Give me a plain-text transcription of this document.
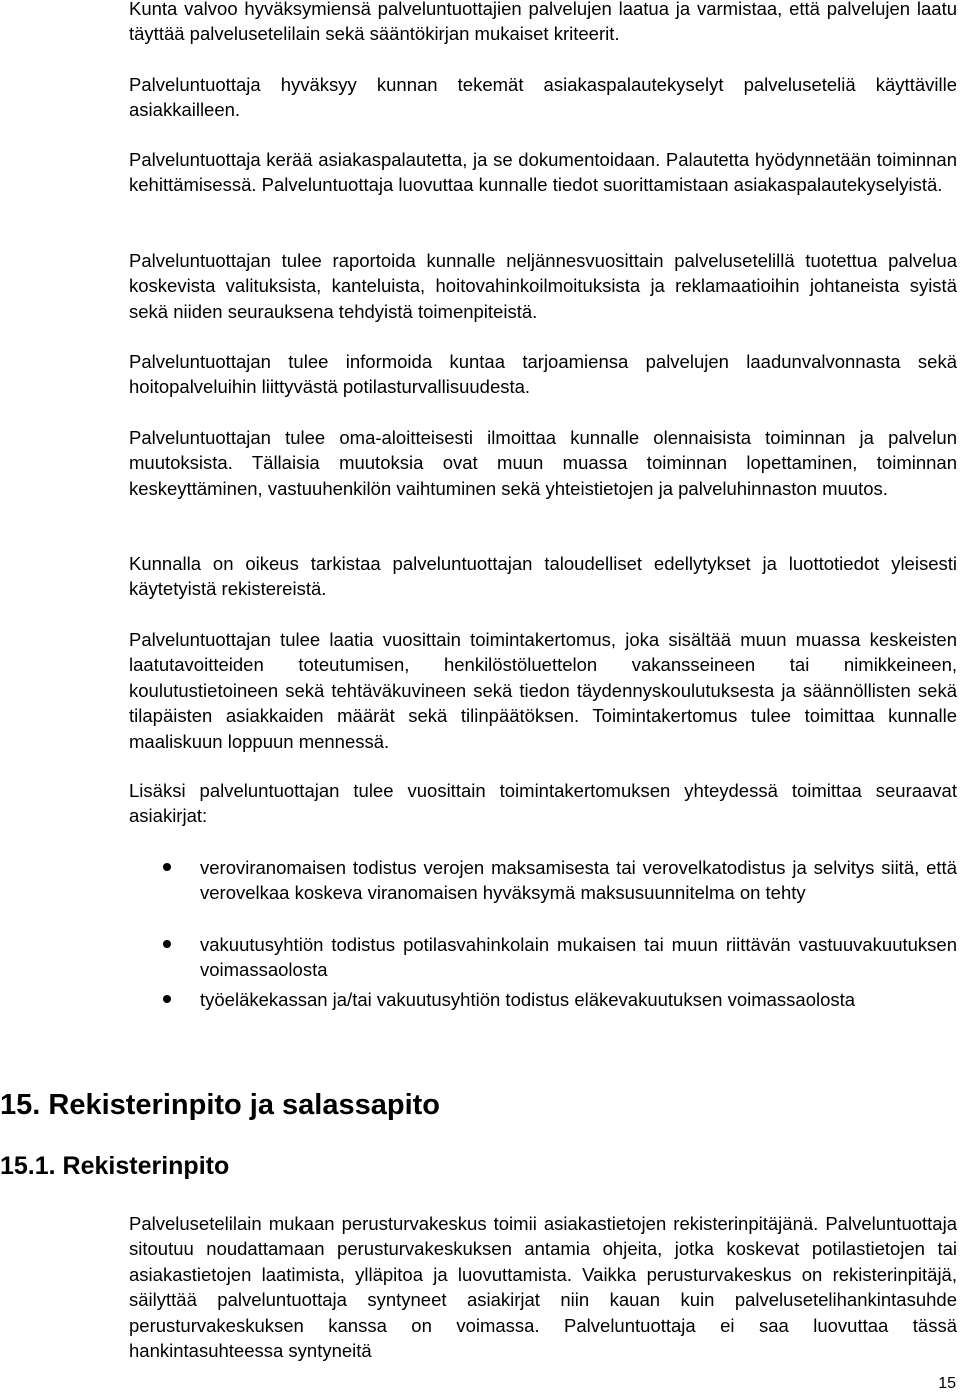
Kunta valvoo hyväksymiensä palveluntuottajien palvelujen laatua ja varmistaa, että palvelujen laatu täyttää palvelusetelilain sekä sääntökirjan mukaiset kriteerit.

Palveluntuottaja hyväksyy kunnan tekemät asiakaspalautekyselyt palveluseteliä käyttäville asiakkailleen.

Palveluntuottaja kerää asiakaspalautetta, ja se dokumentoidaan. Palautetta hyödynnetään toiminnan kehittämisessä. Palveluntuottaja luovuttaa kunnalle tiedot suorittamistaan asiakaspalautekyselyistä.

Palveluntuottajan tulee raportoida kunnalle neljännesvuosittain palvelusetelillä tuotettua palvelua koskevista valituksista, kanteluista, hoitovahinkoilmoituksista ja reklamaatioihin johtaneista syistä sekä niiden seurauksena tehdyistä toimenpiteistä.

Palveluntuottajan tulee informoida kuntaa tarjoamiensa palvelujen laadunvalvonnasta sekä hoitopalveluihin liittyvästä potilasturvallisuudesta.

Palveluntuottajan tulee oma-aloitteisesti ilmoittaa kunnalle olennaisista toiminnan ja palvelun muutoksista. Tällaisia muutoksia ovat muun muassa toiminnan lopettaminen, toiminnan keskeyttäminen, vastuuhenkilön vaihtuminen sekä yhteistietojen ja palveluhinnaston muutos.

Kunnalla on oikeus tarkistaa palveluntuottajan taloudelliset edellytykset ja luottotiedot yleisesti käytetyistä rekistereistä.

Palveluntuottajan tulee laatia vuosittain toimintakertomus, joka sisältää muun muassa keskeisten laatutavoitteiden toteutumisen, henkilöstöluettelon vakansseineen tai nimikkeineen, koulutustietoineen sekä tehtäväkuvineen sekä tiedon täydennyskoulutuksesta ja säännöllisten sekä tilapäisten asiakkaiden määrät sekä tilinpäätöksen. Toimintakertomus tulee toimittaa kunnalle maaliskuun loppuun mennessä.

Lisäksi palveluntuottajan tulee vuosittain toimintakertomuksen yhteydessä toimittaa seuraavat asiakirjat:

veroviranomaisen todistus verojen maksamisesta tai verovelkatodistus ja selvitys siitä, että verovelkaa koskeva viranomaisen hyväksymä maksusuunnitelma on tehty

vakuutusyhtiön todistus potilasvahinkolain mukaisen tai muun riittävän vastuuvakuutuksen voimassaolosta

työeläkekassan ja/tai vakuutusyhtiön todistus eläkevakuutuksen voimassaolosta

15. Rekisterinpito ja salassapito
15.1. Rekisterinpito

Palvelusetelilain mukaan perusturvakeskus toimii asiakastietojen rekisterinpitäjänä. Palveluntuottaja sitoutuu noudattamaan perusturvakeskuksen antamia ohjeita, jotka koskevat potilastietojen tai asiakastietojen laatimista, ylläpitoa ja luovuttamista. Vaikka perusturvakeskus on rekisterinpitäjä, säilyttää palveluntuottaja syntyneet asiakirjat niin kauan kuin palvelusetelihankintasuhde perusturvakeskuksen kanssa on voimassa. Palveluntuottaja ei saa luovuttaa tässä hankintasuhteessa syntyneitä

15
